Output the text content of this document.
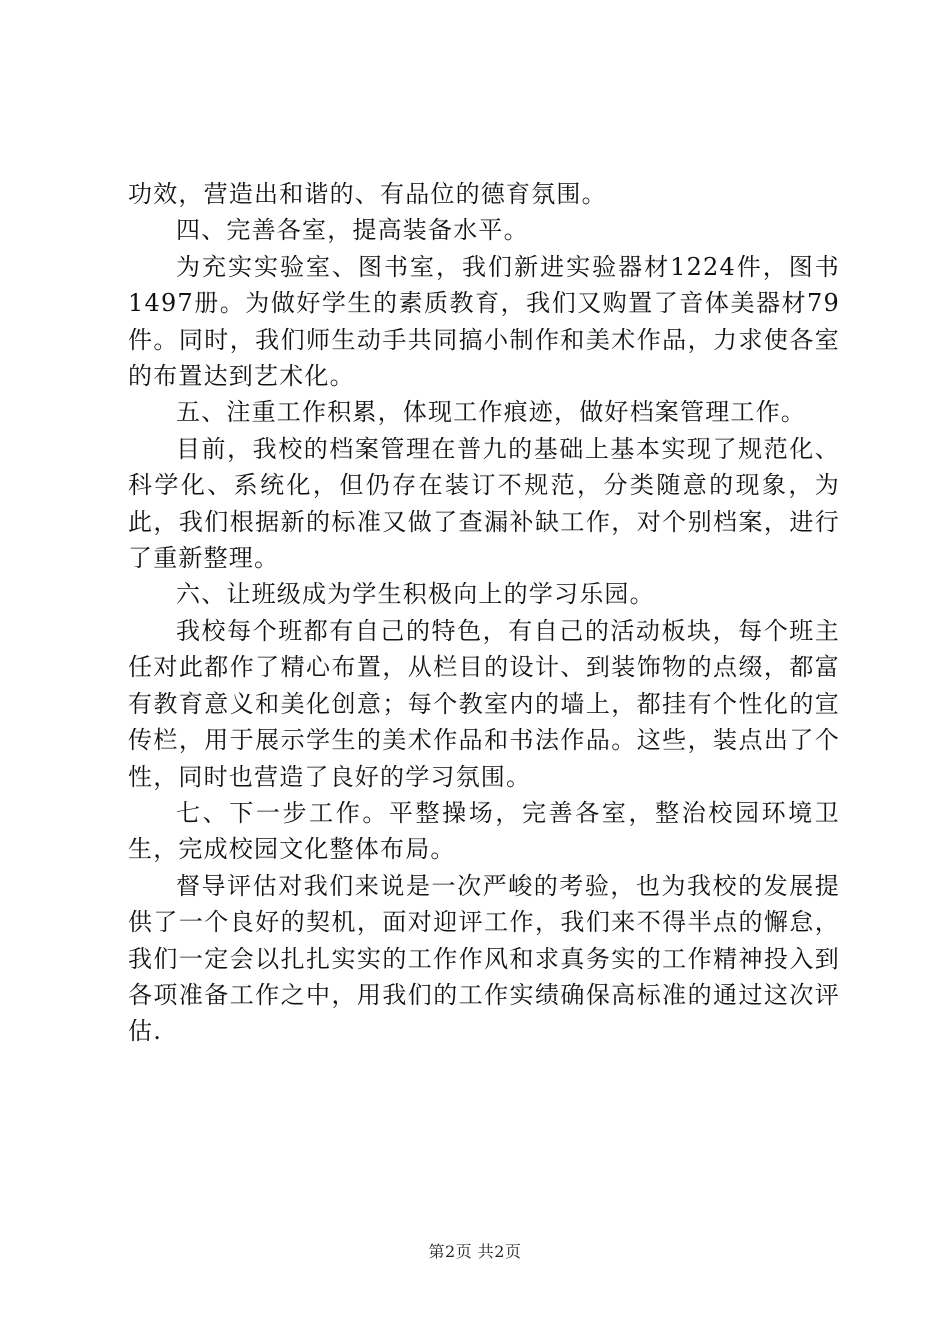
功效，营造出和谐的、有品位的德育氛围。

四、完善各室，提高装备水平。

为充实实验室、图书室，我们新进实验器材1224件，图书1497册。为做好学生的素质教育，我们又购置了音体美器材79件。同时，我们师生动手共同搞小制作和美术作品，力求使各室的布置达到艺术化。

五、注重工作积累，体现工作痕迹，做好档案管理工作。

目前，我校的档案管理在普九的基础上基本实现了规范化、科学化、系统化，但仍存在装订不规范，分类随意的现象，为此，我们根据新的标准又做了查漏补缺工作，对个别档案，进行了重新整理。

六、让班级成为学生积极向上的学习乐园。

我校每个班都有自己的特色，有自己的活动板块，每个班主任对此都作了精心布置，从栏目的设计、到装饰物的点缀，都富有教育意义和美化创意；每个教室内的墙上，都挂有个性化的宣传栏，用于展示学生的美术作品和书法作品。这些，装点出了个性，同时也营造了良好的学习氛围。

七、下一步工作。平整操场，完善各室，整治校园环境卫生，完成校园文化整体布局。

督导评估对我们来说是一次严峻的考验，也为我校的发展提供了一个良好的契机，面对迎评工作，我们来不得半点的懈怠，我们一定会以扎扎实实的工作作风和求真务实的工作精神投入到各项准备工作之中，用我们的工作实绩确保高标准的通过这次评估.

第2页 共2页
